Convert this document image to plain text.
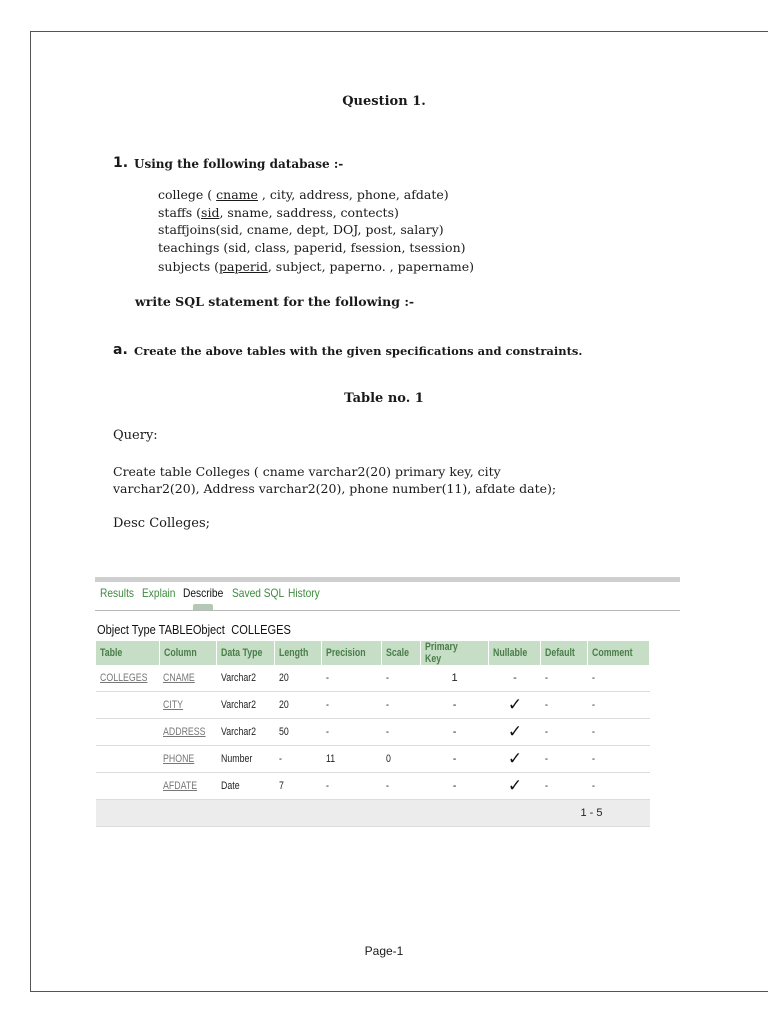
Question 1.
1. Using the following database :-
college ( cname , city, address, phone, afdate)
staffs (sid, sname, saddress, contects)
staffjoins(sid, cname, dept, DOJ, post, salary)
teachings (sid, class, paperid, fsession, tsession)
subjects (paperid, subject, paperno. , papername)
write SQL statement for the following :-
a. Create the above tables with the given specifications and constraints.
Table no. 1
Query:
Create table Colleges ( cname varchar2(20) primary key, city varchar2(20), Address varchar2(20), phone number(11), afdate date);
Desc Colleges;
Results Explain Describe Saved SQL History
Object Type TABLEObject COLLEGES
Table	Column	Data Type	Length	Precision	Scale	Primary Key	Nullable	Default	Comment
COLLEGES	CNAME	Varchar2	20	-	-	1	-	-	-
	CITY	Varchar2	20	-	-	-	✓	-	-
	ADDRESS	Varchar2	50	-	-	-	✓	-	-
	PHONE	Number	-	11	0	-	✓	-	-
	AFDATE	Date	7	-	-	-	✓	-	-
1 - 5									
Page-1
